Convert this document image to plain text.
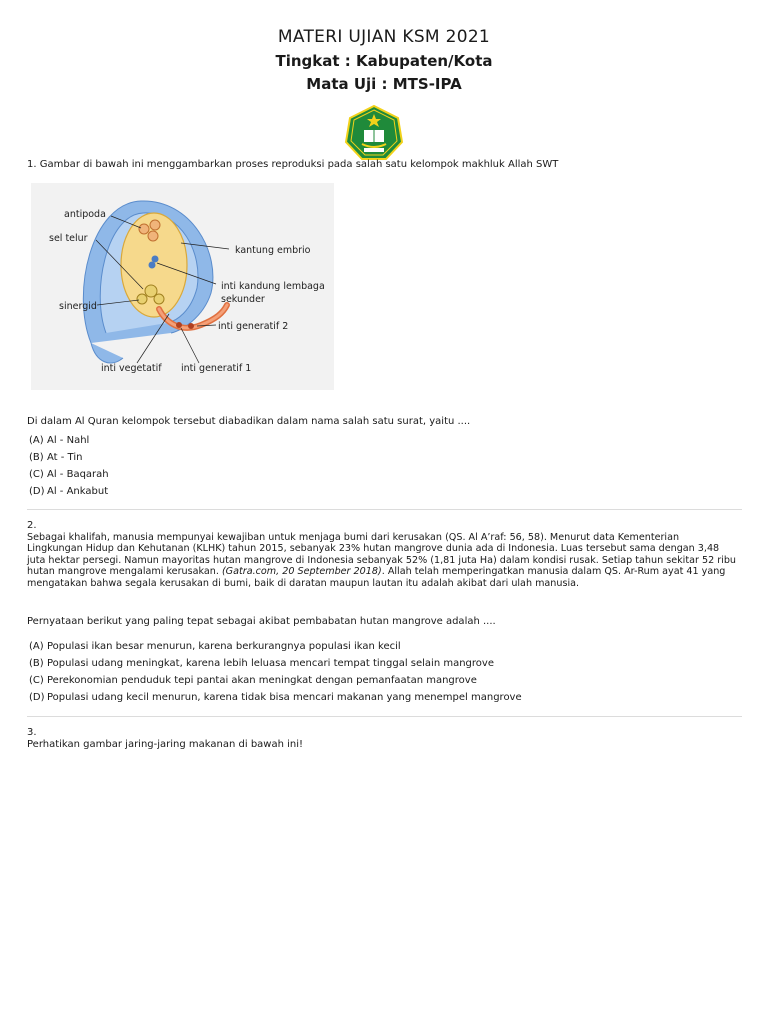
MATERI UJIAN KSM 2021
Tingkat : Kabupaten/Kota
Mata Uji : MTS-IPA
1. Gambar di bawah ini menggambarkan proses reproduksi pada salah satu kelompok makhluk Allah SWT
antipoda
sel telur
kantung embrio
inti kandung lembaga
sekunder
sinergid
inti generatif 2
inti vegetatif inti generatif 1
Di dalam Al Quran kelompok tersebut diabadikan dalam nama salah satu surat, yaitu ....
(A) Al - Nahl
(B) At - Tin
(C) Al - Baqarah
(D) Al - Ankabut
2.
Sebagai khalifah, manusia mempunyai kewajiban untuk menjaga bumi dari kerusakan (QS. Al A’raf: 56, 58). Menurut data Kementerian
Lingkungan Hidup dan Kehutanan (KLHK) tahun 2015, sebanyak 23% hutan mangrove dunia ada di Indonesia. Luas tersebut sama dengan 3,48
juta hektar persegi. Namun mayoritas hutan mangrove di Indonesia sebanyak 52% (1,81 juta Ha) dalam kondisi rusak. Setiap tahun sekitar 52 ribu
hutan mangrove mengalami kerusakan. (Gatra.com, 20 September 2018). Allah telah memperingatkan manusia dalam QS. Ar-Rum ayat 41 yang
mengatakan bahwa segala kerusakan di bumi, baik di daratan maupun lautan itu adalah akibat dari ulah manusia.
Pernyataan berikut yang paling tepat sebagai akibat pembabatan hutan mangrove adalah ....
(A) Populasi ikan besar menurun, karena berkurangnya populasi ikan kecil
(B) Populasi udang meningkat, karena lebih leluasa mencari tempat tinggal selain mangrove
(C) Perekonomian penduduk tepi pantai akan meningkat dengan pemanfaatan mangrove
(D) Populasi udang kecil menurun, karena tidak bisa mencari makanan yang menempel mangrove
3.
Perhatikan gambar jaring-jaring makanan di bawah ini!
